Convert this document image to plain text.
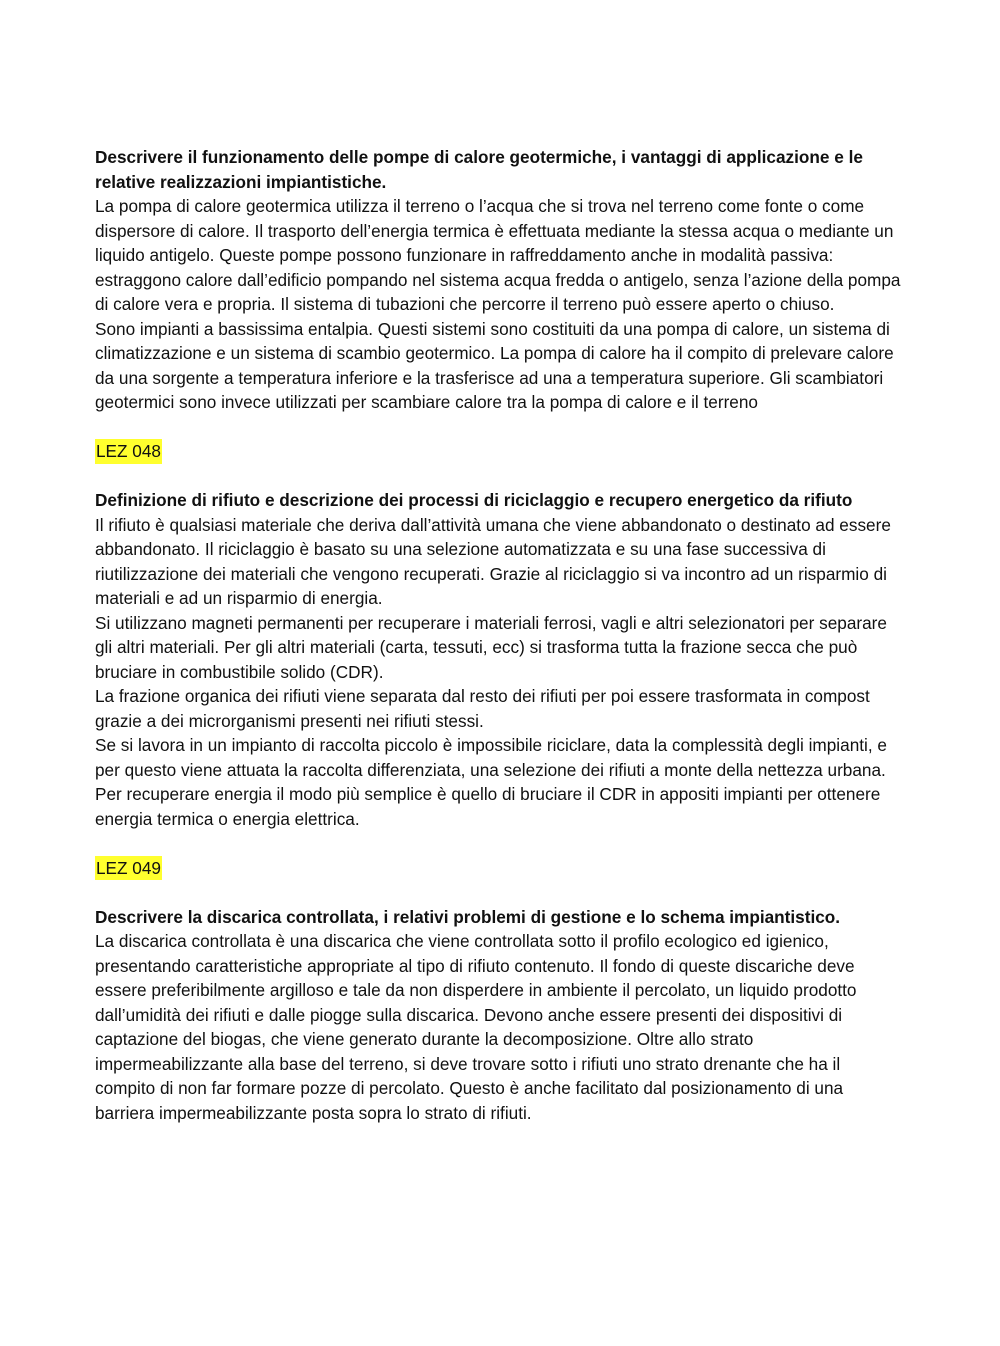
Descrivere il funzionamento delle pompe di calore geotermiche, i vantaggi di applicazione e le relative realizzazioni impiantistiche.

La pompa di calore geotermica utilizza il terreno o l’acqua che si trova nel terreno come fonte o come dispersore di calore. Il trasporto dell’energia termica è effettuata mediante la stessa acqua o mediante un liquido antigelo. Queste pompe possono funzionare in raffreddamento anche in modalità passiva: estraggono calore dall’edificio pompando nel sistema acqua fredda o antigelo, senza l’azione della pompa di calore vera e propria. Il sistema di tubazioni che percorre il terreno può essere aperto o chiuso.

Sono impianti a bassissima entalpia. Questi sistemi sono costituiti da una pompa di calore, un sistema di climatizzazione e un sistema di scambio geotermico. La pompa di calore ha il compito di prelevare calore da una sorgente a temperatura inferiore e la trasferisce ad una a temperatura superiore. Gli scambiatori geotermici sono invece utilizzati per scambiare calore tra la pompa di calore e il terreno

LEZ 048

Definizione di rifiuto e descrizione dei processi di riciclaggio e recupero energetico da rifiuto

Il rifiuto è qualsiasi materiale che deriva dall’attività umana che viene abbandonato o destinato ad essere abbandonato. Il riciclaggio è basato su una selezione automatizzata e su una fase successiva di riutilizzazione dei materiali che vengono recuperati. Grazie al riciclaggio si va incontro ad un risparmio di materiali e ad un risparmio di energia.

Si utilizzano magneti permanenti per recuperare i materiali ferrosi, vagli e altri selezionatori per separare gli altri materiali. Per gli altri materiali (carta, tessuti, ecc) si trasforma tutta la frazione secca che può bruciare in combustibile solido (CDR).

La frazione organica dei rifiuti viene separata dal resto dei rifiuti per poi essere trasformata in compost grazie a dei microrganismi presenti nei rifiuti stessi.

Se si lavora in un impianto di raccolta piccolo è impossibile riciclare, data la complessità degli impianti, e per questo viene attuata la raccolta differenziata, una selezione dei rifiuti a monte della nettezza urbana.

Per recuperare energia il modo più semplice è quello di bruciare il CDR in appositi impianti per ottenere energia termica o energia elettrica.

LEZ 049

Descrivere la discarica controllata, i relativi problemi di gestione e lo schema impiantistico.

La discarica controllata è una discarica che viene controllata sotto il profilo ecologico ed igienico, presentando caratteristiche appropriate al tipo di rifiuto contenuto. Il fondo di queste discariche deve essere preferibilmente argilloso e tale da non disperdere in ambiente il percolato, un liquido prodotto dall’umidità dei rifiuti e dalle piogge sulla discarica. Devono anche essere presenti dei dispositivi di captazione del biogas, che viene generato durante la decomposizione. Oltre allo strato impermeabilizzante alla base del terreno, si deve trovare sotto i rifiuti uno strato drenante che ha il compito di non far formare pozze di percolato. Questo è anche facilitato dal posizionamento di una barriera impermeabilizzante posta sopra lo strato di rifiuti.
